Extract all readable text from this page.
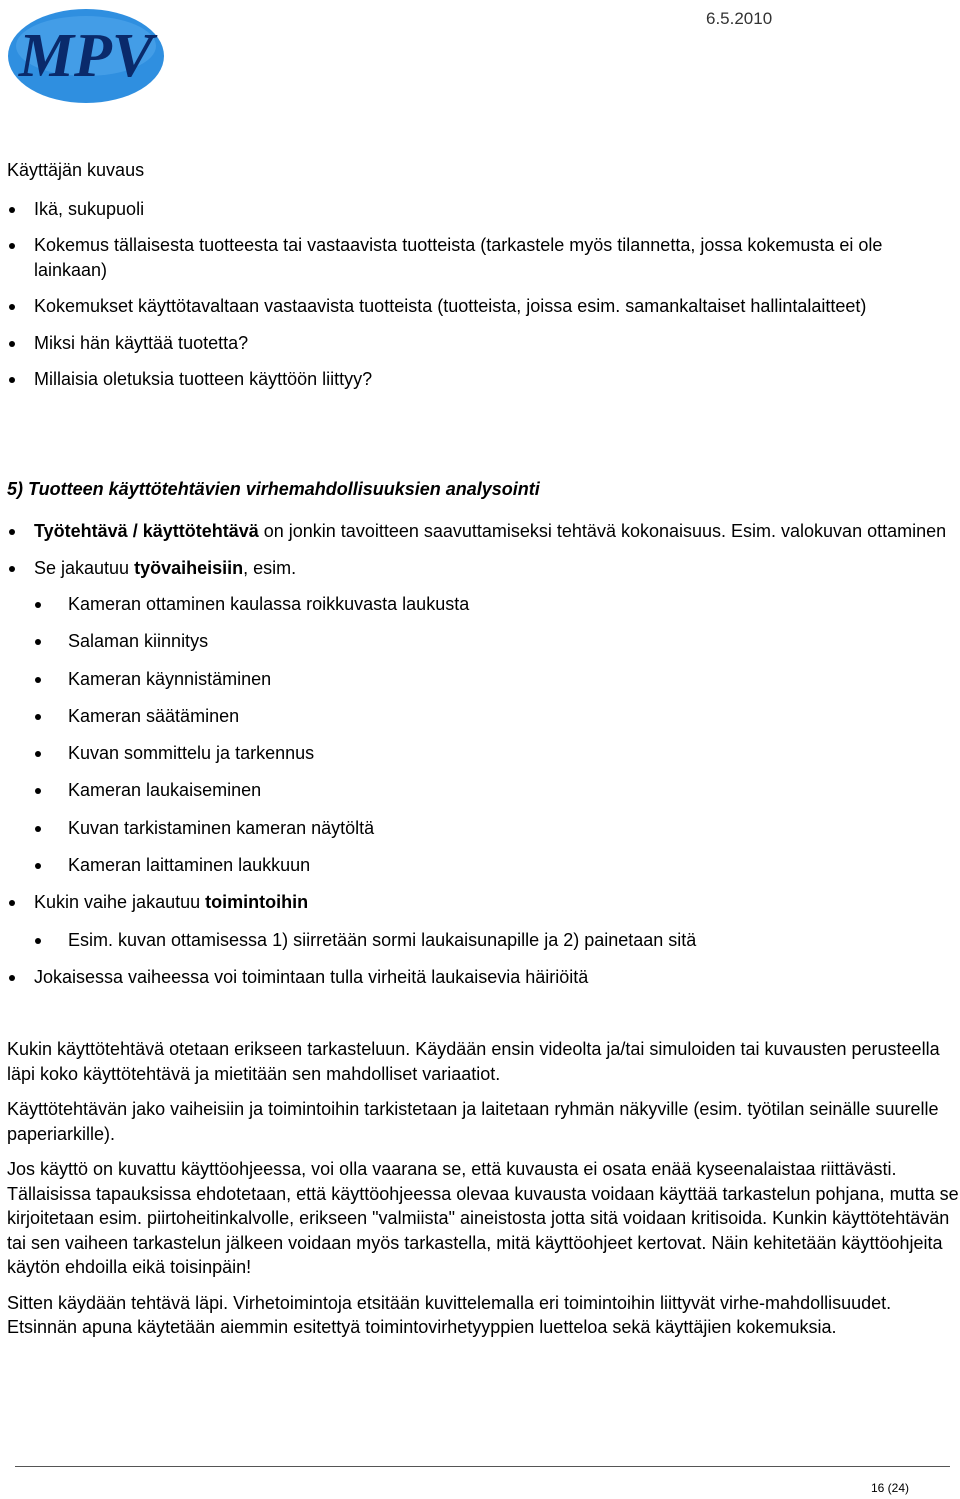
MPV
6.5.2010

Käyttäjän kuvaus

Ikä, sukupuoli
Kokemus tällaisesta tuotteesta tai vastaavista tuotteista (tarkastele myös tilannetta, jossa kokemusta ei ole lainkaan)
Kokemukset käyttötavaltaan vastaavista tuotteista (tuotteista, joissa esim. samankaltaiset hallintalaitteet)
Miksi hän käyttää tuotetta?
Millaisia oletuksia tuotteen käyttöön liittyy?

5) Tuotteen käyttötehtävien virhemahdollisuuksien analysointi

Työtehtävä / käyttötehtävä on jonkin tavoitteen saavuttamiseksi tehtävä kokonaisuus. Esim. valokuvan ottaminen
Se jakautuu työvaiheisiin, esim.
Kameran ottaminen kaulassa roikkuvasta laukusta
Salaman kiinnitys
Kameran käynnistäminen
Kameran säätäminen
Kuvan sommittelu ja tarkennus
Kameran laukaiseminen
Kuvan tarkistaminen kameran näytöltä
Kameran laittaminen laukkuun
Kukin vaihe jakautuu toimintoihin
Esim. kuvan ottamisessa 1) siirretään sormi laukaisunapille ja 2) painetaan sitä
Jokaisessa vaiheessa voi toimintaan tulla virheitä laukaisevia häiriöitä

Kukin käyttötehtävä otetaan erikseen tarkasteluun. Käydään ensin videolta ja/tai simuloiden tai kuvausten perusteella läpi koko käyttötehtävä ja mietitään sen mahdolliset variaatiot.

Käyttötehtävän jako vaiheisiin ja toimintoihin tarkistetaan ja laitetaan ryhmän näkyville (esim. työtilan seinälle suurelle paperiarkille).

Jos käyttö on kuvattu käyttöohjeessa, voi olla vaarana se, että kuvausta ei osata enää kyseenalaistaa riittävästi. Tällaisissa tapauksissa ehdotetaan, että käyttöohjeessa olevaa kuvausta voidaan käyttää tarkastelun pohjana, mutta se kirjoitetaan esim. piirtoheitinkalvolle, erikseen "valmiista" aineistosta jotta sitä voidaan kritisoida. Kunkin käyttötehtävän tai sen vaiheen tarkastelun jälkeen voidaan myös tarkastella, mitä käyttöohjeet kertovat. Näin kehitetään käyttöohjeita käytön ehdoilla eikä toisinpäin!

Sitten käydään tehtävä läpi. Virhetoimintoja etsitään kuvittelemalla eri toimintoihin liittyvät virhe-mahdollisuudet. Etsinnän apuna käytetään aiemmin esitettyä toimintovirhetyyppien luetteloa sekä käyttäjien kokemuksia.

16 (24)
